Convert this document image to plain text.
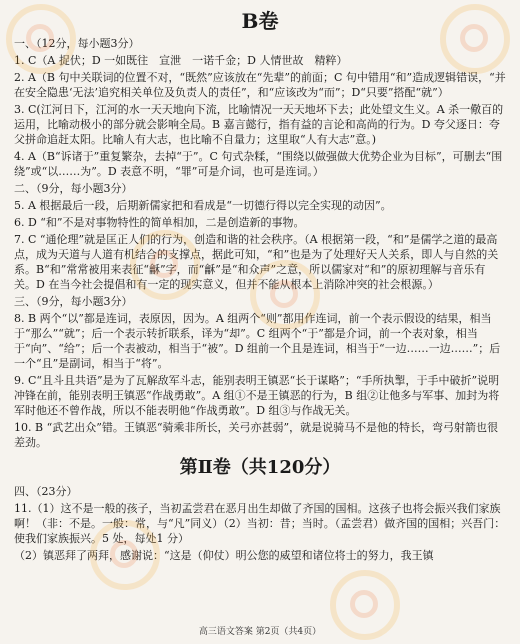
B卷
一、（12分，每小题3分）
1. C（A 捉伏；D 一如既往　宣泄　一诺千金；D 人情世故　精粹）
2. A（B 句中关联词的位置不对，“既然”应该放在“先辈”的前面；C 句中错用“和”造成逻辑错误，“并在安全隐患‘无法’追究相关单位及负责人的责任”，和“应该改为“而”；D“只要”搭配“就”）
3. C(江河日下，江河的水一天天地向下流，比喻情况一天天地坏下去；此处望文生义。A 杀一儆百的运用，比喻动极小的部分就会影响全局。B 嘉言懿行，指有益的言论和高尚的行为。D 夸父逐日：夸父拼命追赶太阳。比喻人有大志，也比喻不自量力；这里取“人有大志”意。)
4. A（B“诉诸于”重复繁杂，去掉“于”。C 句式杂糅，“围绕以做强做大优势企业为目标”，可删去“围绕”或“以……为”。D 表意不明，“罪”可是介词，也可是连词。）
二、（9分，每小题3分）
5. A 根据最后一段，后期新儒家把和看成是“一切德行得以完全实现的动因”。
6. D “和”不是对事物特性的简单相加，二是创造新的事物。
7. C “通伦理”就是匡正人们的行为，创造和谐的社会秩序。（A 根据第一段，“和”是儒学之道的最高点，成为天道与人道有机结合的支撑点，据此可知，“和”也是为了处理好天人关系，即人与自然的关系。B“和”常常被用来表征“龢”字，而“龢”是“和众声”之意，所以儒家对“和”的原初理解与音乐有关。D 在当今社会提倡和有一定的现实意义，但并不能从根本上消除冲突的社会根源。）
三、（9分，每小题3分）
8. B 两个“以”都是连词，表原因，因为。A 组两个“则”都用作连词，前一个表示假设的结果，相当于“那么”“就”；后一个表示转折联系，译为“却”。C 组两个“于”都是介词，前一个表对象，相当于“向”、“给”；后一个表被动，相当于“被”。D 组前一个且是连词，相当于“一边……一边……”；后一个“且”是副词，相当于“将”。
9. C“且斗且共语”是为了瓦解敌军斗志，能别表明王镇恶“长于谋略”；“手所执掣，于手中破折”说明冲锋在前，能别表明王镇恶“作战勇敢”。A 组①不是王镇恶的行为，B 组②让他多与军事、加封为将军时他还不曾作战，所以不能表明他“作战勇敢”。D 组③与作战无关。
10. B “武艺出众”错。王镇恶“骑乘非所长，关弓亦甚弱”，就是说骑马不是他的特长，弯弓射箭也很差劲。
第Ⅱ卷（共120分）
四、（23分）
11.（1）这不是一般的孩子，当初孟尝君在恶月出生却做了齐国的国相。这孩子也将会振兴我们家族啊！（非：不是。一般：常，与“凡”同义）（2）当初：昔；当时。（孟尝君）做齐国的国相；兴吾门：使我们家族振兴。5 处，每处1 分）
（2）镇恶拜了两拜，感谢说：“这是（仰仗）明公您的威望和诸位将士的努力，我王镇
高三语文答案 第2页（共4页）
